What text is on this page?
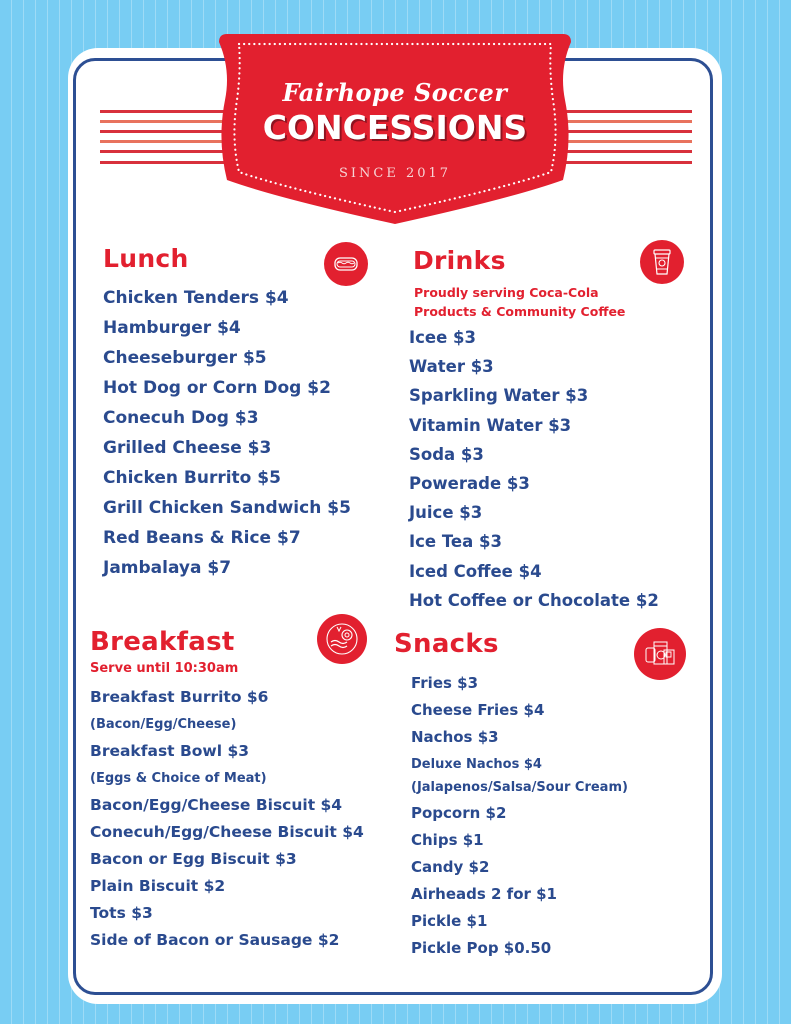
Fairhope Soccer
CONCESSIONS
SINCE 2017
Lunch
Chicken Tenders $4
Hamburger $4
Cheeseburger $5
Hot Dog or Corn Dog $2
Conecuh Dog $3
Grilled Cheese $3
Chicken Burrito $5
Grill Chicken Sandwich $5
Red Beans & Rice $7
Jambalaya $7
Drinks
Proudly serving Coca-Cola
Products & Community Coffee
Icee $3
Water $3
Sparkling Water $3
Vitamin Water $3
Soda $3
Powerade $3
Juice $3
Ice Tea $3
Iced Coffee $4
Hot Coffee or Chocolate $2
Breakfast
Serve until 10:30am
Breakfast Burrito $6
(Bacon/Egg/Cheese)
Breakfast Bowl $3
(Eggs & Choice of Meat)
Bacon/Egg/Cheese Biscuit $4
Conecuh/Egg/Cheese Biscuit $4
Bacon or Egg Biscuit $3
Plain Biscuit $2
Tots $3
Side of Bacon or Sausage $2
Snacks
Fries $3
Cheese Fries $4
Nachos $3
Deluxe Nachos $4
(Jalapenos/Salsa/Sour Cream)
Popcorn $2
Chips $1
Candy $2
Airheads 2 for $1
Pickle $1
Pickle Pop $0.50
